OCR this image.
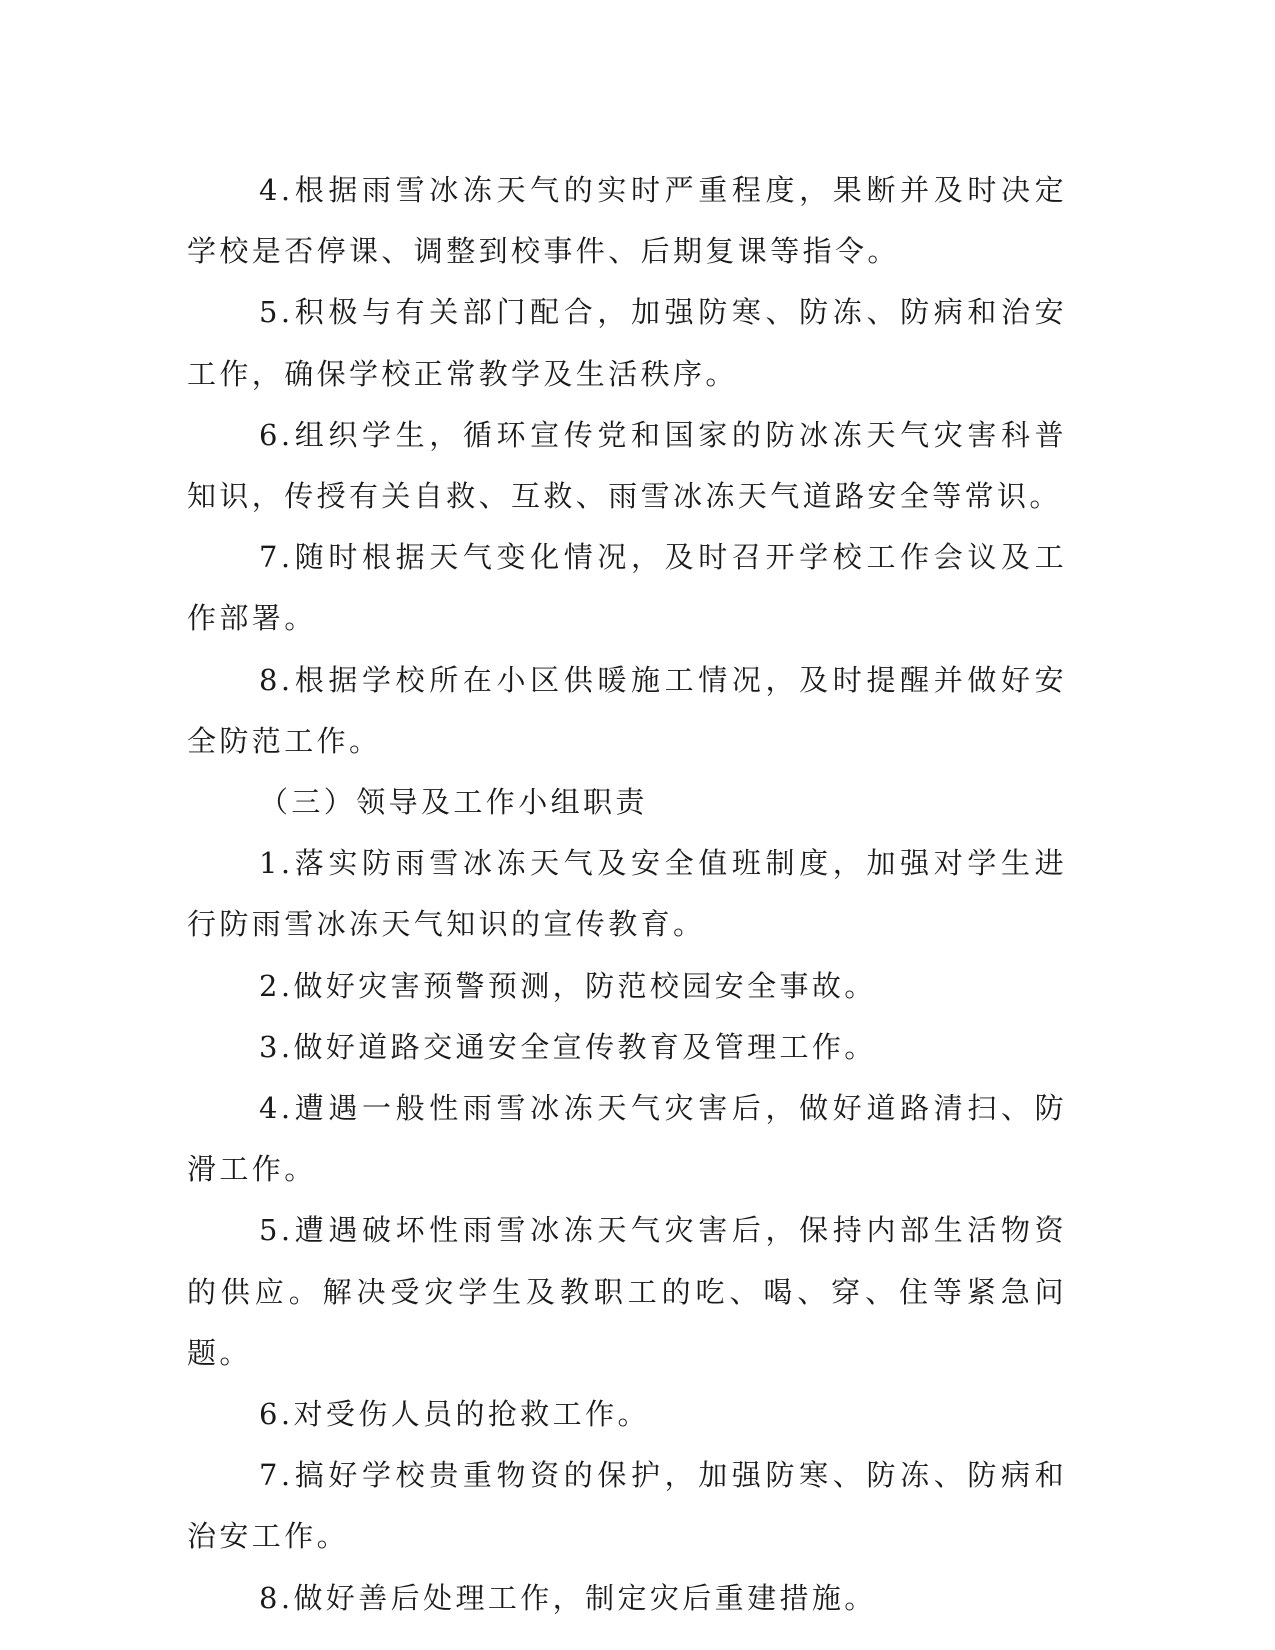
4.根据雨雪冰冻天气的实时严重程度，果断并及时决定学校是否停课、调整到校事件、后期复课等指令。

5.积极与有关部门配合，加强防寒、防冻、防病和治安工作，确保学校正常教学及生活秩序。

6.组织学生，循环宣传党和国家的防冰冻天气灾害科普知识，传授有关自救、互救、雨雪冰冻天气道路安全等常识。

7.随时根据天气变化情况，及时召开学校工作会议及工作部署。

8.根据学校所在小区供暖施工情况，及时提醒并做好安全防范工作。

（三）领导及工作小组职责

1.落实防雨雪冰冻天气及安全值班制度，加强对学生进行防雨雪冰冻天气知识的宣传教育。

2.做好灾害预警预测，防范校园安全事故。

3.做好道路交通安全宣传教育及管理工作。

4.遭遇一般性雨雪冰冻天气灾害后，做好道路清扫、防滑工作。

5.遭遇破坏性雨雪冰冻天气灾害后，保持内部生活物资的供应。解决受灾学生及教职工的吃、喝、穿、住等紧急问题。

6.对受伤人员的抢救工作。

7.搞好学校贵重物资的保护，加强防寒、防冻、防病和治安工作。

8.做好善后处理工作，制定灾后重建措施。
